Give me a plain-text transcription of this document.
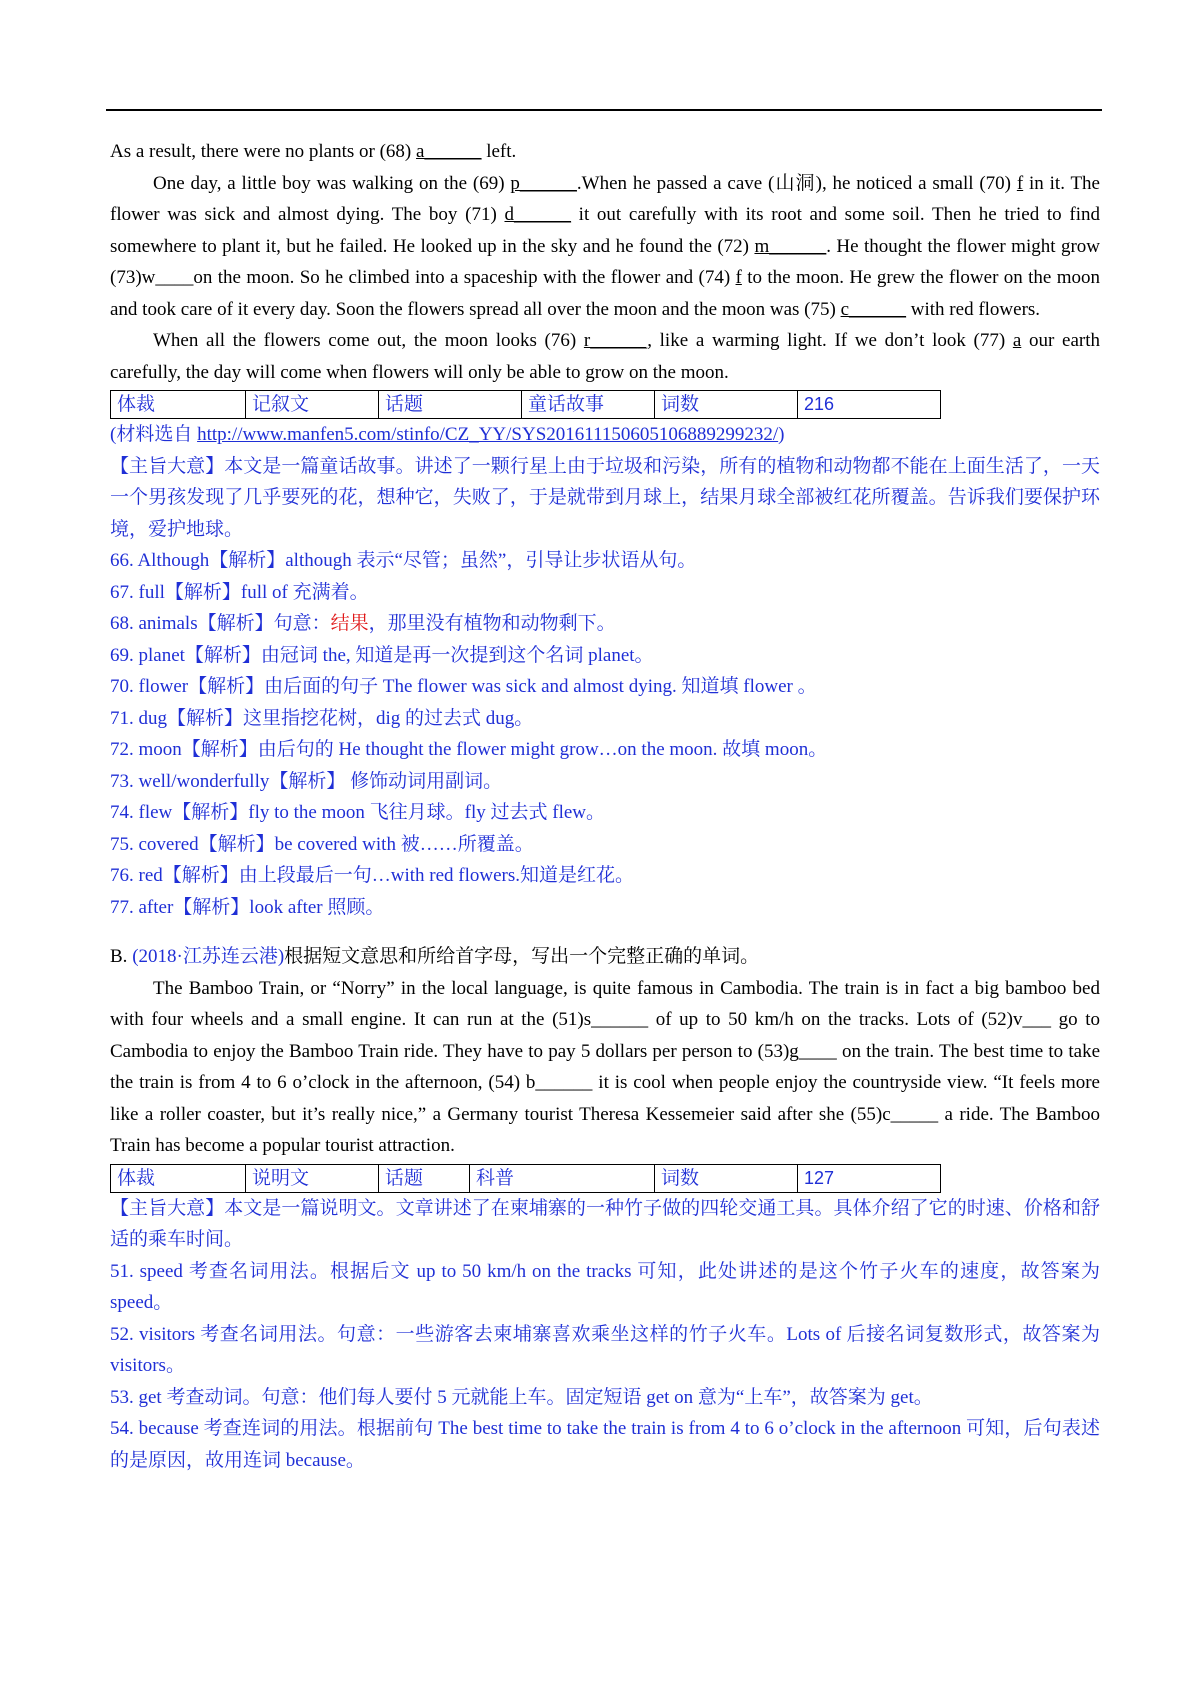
As a result, there were no plants or (68) a______ left.

One day, a little boy was walking on the (69) p______.When he passed a cave (山洞), he noticed a small (70) f in it. The flower was sick and almost dying. The boy (71) d______ it out carefully with its root and some soil. Then he tried to find somewhere to plant it, but he failed. He looked up in the sky and he found the (72) m______. He thought the flower might grow (73)w____on the moon. So he climbed into a spaceship with the flower and (74) f to the moon. He grew the flower on the moon and took care of it every day. Soon the flowers spread all over the moon and the moon was (75) c______ with red flowers.

When all the flowers come out, the moon looks (76) r______, like a warming light. If we don’t look (77) a our earth carefully, the day will come when flowers will only be able to grow on the moon.

体裁	记叙文	话题	童话故事	词数	216

(材料选自 http://www.manfen5.com/stinfo/CZ_YY/SYS20161115060510688929​9232/)

【主旨大意】本文是一篇童话故事。讲述了一颗行星上由于垃圾和污染，所有的植物和动物都不能在上面生活了，一天一个男孩发现了几乎要死的花，想种它，失败了，于是就带到月球上，结果月球全部被红花所覆盖。告诉我们要保护环境，爱护地球。

66. Although【解析】although 表示“尽管；虽然”，引导让步状语从句。

67. full【解析】full of 充满着。

68. animals【解析】句意：结果，那里没有植物和动物剩下。

69. planet【解析】由冠词 the, 知道是再一次提到这个名词 planet。

70. flower【解析】由后面的句子 The flower was sick and almost dying. 知道填 flower 。

71. dug【解析】这里指挖花树，dig 的过去式 dug。

72. moon【解析】由后句的 He thought the flower might grow…on the moon. 故填 moon。

73. well/wonderfully【解析】 修饰动词用副词。

74. flew【解析】fly to the moon 飞往月球。fly 过去式 flew。

75. covered【解析】be covered with 被……所覆盖。

76. red【解析】由上段最后一句…with red flowers.知道是红花。

77. after【解析】look after 照顾。

B. (2018·江苏连云港)根据短文意思和所给首字母，写出一个完整正确的单词。

The Bamboo Train, or “Norry” in the local language, is quite famous in Cambodia. The train is in fact a big bamboo bed with four wheels and a small engine. It can run at the (51)s______ of up to 50 km/h on the tracks. Lots of (52)v___ go to Cambodia to enjoy the Bamboo Train ride. They have to pay 5 dollars per person to (53)g____ on the train. The best time to take the train is from 4 to 6 o’clock in the afternoon, (54) b______ it is cool when people enjoy the countryside view. “It feels more like a roller coaster, but it’s really nice,” a Germany tourist Theresa Kessemeier said after she (55)c_____ a ride. The Bamboo Train has become a popular tourist attraction.

体裁	说明文	话题	科普	词数	127

【主旨大意】本文是一篇说明文。文章讲述了在柬埔寨的一种竹子做的四轮交通工具。具体介绍了它的时速、价格和舒适的乘车时间。

51. speed 考查名词用法。根据后文 up to 50 km/h on the tracks 可知，此处讲述的是这个竹子火车的速度，故答案为 speed。

52. visitors 考查名词用法。句意：一些游客去柬埔寨喜欢乘坐这样的竹子火车。Lots of 后接名词复数形式，故答案为 visitors。

53. get 考查动词。句意：他们每人要付 5 元就能上车。固定短语 get on 意为“上车”，故答案为 get。

54. because 考查连词的用法。根据前句 The best time to take the train is from 4 to 6 o’clock in the afternoon 可知，后句表述的是原因，故用连词 because。
